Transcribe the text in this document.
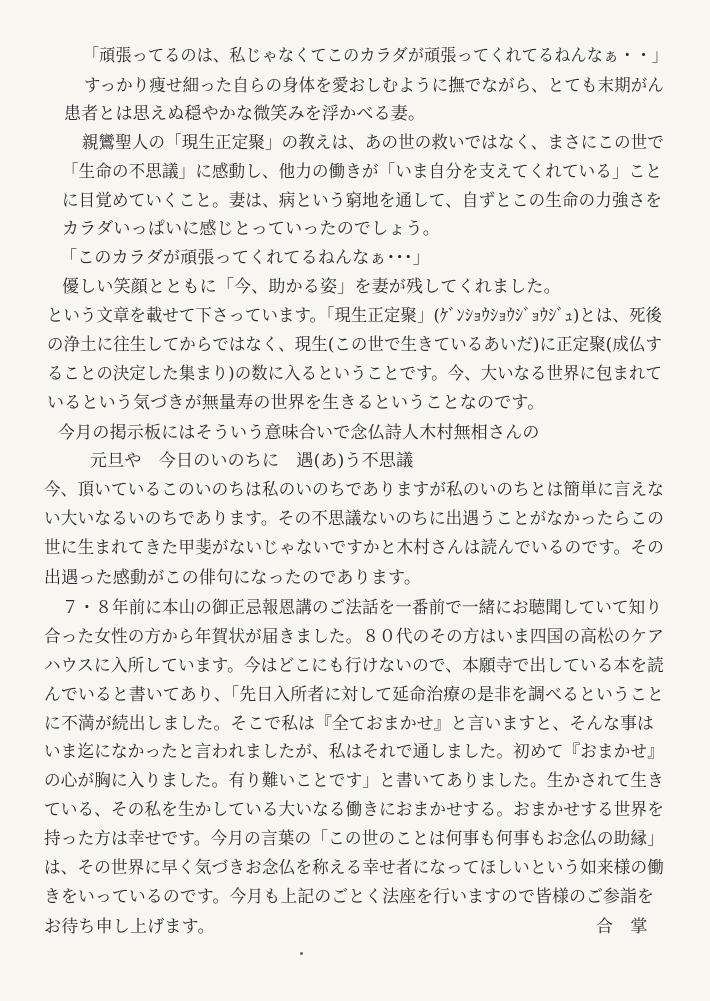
「頑張ってるのは、私じゃなくてこのカラダが頑張ってくれてるねんなぁ・・」
すっかり痩せ細った自らの身体を愛おしむように撫でながら、とても末期がん
患者とは思えぬ穏やかな微笑みを浮かべる妻。
親鸞聖人の「現生正定聚」の教えは、あの世の救いではなく、まさにこの世で
「生命の不思議」に感動し、他力の働きが「いま自分を支えてくれている」こと
に目覚めていくこと。妻は、病という窮地を通して、自ずとこの生命の力強さを
カラダいっぱいに感じとっていったのでしょう。
「このカラダが頑張ってくれてるねんなぁ･･･」
優しい笑顔とともに「今、助かる姿」を妻が残してくれました。
という文章を載せて下さっています。「現生正定聚」(ｹﾞﾝｼｮｳｼｮｳｼﾞｮｳｼﾞｭ)とは、死後
の浄土に往生してからではなく、現生(この世で生きているあいだ)に正定聚(成仏す
ることの決定した集まり)の数に入るということです。今、大いなる世界に包まれて
いるという気づきが無量寿の世界を生きるということなのです。
今月の掲示板にはそういう意味合いで念仏詩人木村無相さんの
元旦や　今日のいのちに　遇(あ)う不思議
今、頂いているこのいのちは私のいのちでありますが私のいのちとは簡単に言えな
い大いなるいのちであります。その不思議ないのちに出遇うことがなかったらこの
世に生まれてきた甲斐がないじゃないですかと木村さんは読んでいるのです。その
出遇った感動がこの俳句になったのであります。
７・８年前に本山の御正忌報恩講のご法話を一番前で一緒にお聴聞していて知り
合った女性の方から年賀状が届きました。８０代のその方はいま四国の高松のケア
ハウスに入所しています。今はどこにも行けないので、本願寺で出している本を読
んでいると書いてあり、「先日入所者に対して延命治療の是非を調べるということ
に不満が続出しました。そこで私は『全ておまかせ』と言いますと、そんな事は
いま迄になかったと言われましたが、私はそれで通しました。初めて『おまかせ』
の心が胸に入りました。有り難いことです」と書いてありました。生かされて生き
ている、その私を生かしている大いなる働きにおまかせする。おまかせする世界を
持った方は幸せです。今月の言葉の「この世のことは何事も何事もお念仏の助縁」
は、その世界に早く気づきお念仏を称える幸せ者になってほしいという如来様の働
きをいっているのです。今月も上記のごとく法座を行いますので皆様のご参詣を
お待ち申し上げます。	合　掌
